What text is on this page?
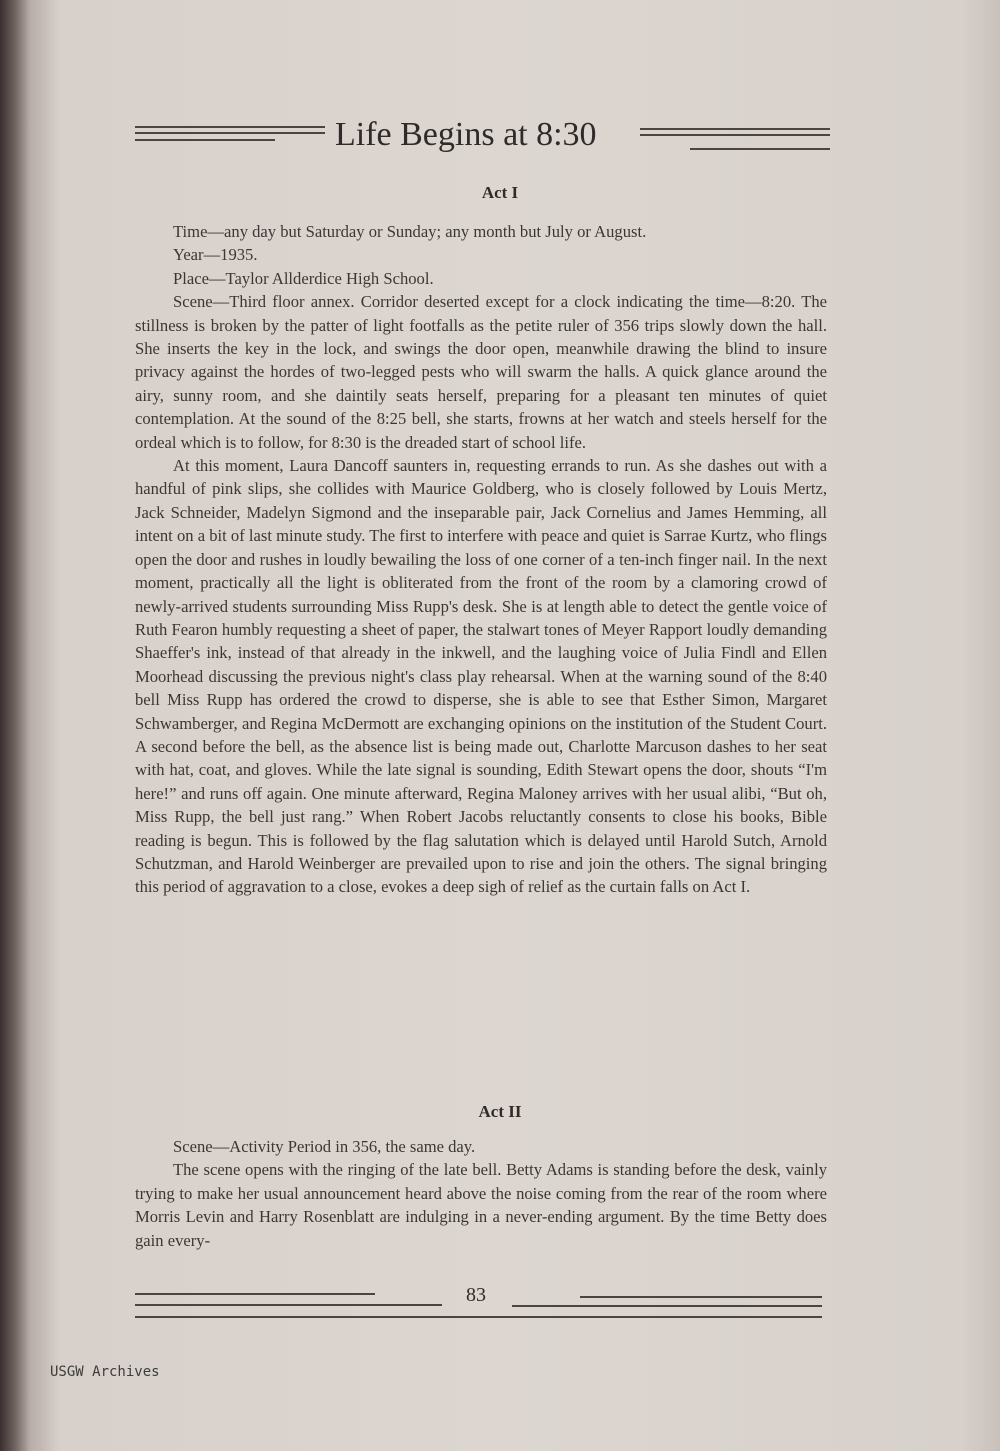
Life Begins at 8:30
Act I

Time—any day but Saturday or Sunday; any month but July or August.

Year—1935.

Place—Taylor Allderdice High School.

Scene—Third floor annex. Corridor deserted except for a clock indicating the time—8:20. The stillness is broken by the patter of light footfalls as the petite ruler of 356 trips slowly down the hall. She inserts the key in the lock, and swings the door open, meanwhile drawing the blind to insure privacy against the hordes of two-legged pests who will swarm the halls. A quick glance around the airy, sunny room, and she daintily seats herself, preparing for a pleasant ten minutes of quiet contemplation. At the sound of the 8:25 bell, she starts, frowns at her watch and steels herself for the ordeal which is to follow, for 8:30 is the dreaded start of school life.

At this moment, Laura Dancoff saunters in, requesting errands to run. As she dashes out with a handful of pink slips, she collides with Maurice Goldberg, who is closely followed by Louis Mertz, Jack Schneider, Madelyn Sigmond and the inseparable pair, Jack Cornelius and James Hemming, all intent on a bit of last minute study. The first to interfere with peace and quiet is Sarrae Kurtz, who flings open the door and rushes in loudly bewailing the loss of one corner of a ten-inch finger nail. In the next moment, practically all the light is obliterated from the front of the room by a clamoring crowd of newly-arrived students surrounding Miss Rupp's desk. She is at length able to detect the gentle voice of Ruth Fearon humbly requesting a sheet of paper, the stalwart tones of Meyer Rapport loudly demanding Shaeffer's ink, instead of that already in the inkwell, and the laughing voice of Julia Findl and Ellen Moorhead discussing the previous night's class play rehearsal. When at the warning sound of the 8:40 bell Miss Rupp has ordered the crowd to disperse, she is able to see that Esther Simon, Margaret Schwamberger, and Regina McDermott are exchanging opinions on the institution of the Student Court. A second before the bell, as the absence list is being made out, Charlotte Marcuson dashes to her seat with hat, coat, and gloves. While the late signal is sounding, Edith Stewart opens the door, shouts “I'm here!” and runs off again. One minute afterward, Regina Maloney arrives with her usual alibi, “But oh, Miss Rupp, the bell just rang.” When Robert Jacobs reluctantly consents to close his books, Bible reading is begun. This is followed by the flag salutation which is delayed until Harold Sutch, Arnold Schutzman, and Harold Weinberger are prevailed upon to rise and join the others. The signal bringing this period of aggravation to a close, evokes a deep sigh of relief as the curtain falls on Act I.

Act II

Scene—Activity Period in 356, the same day.

The scene opens with the ringing of the late bell. Betty Adams is standing before the desk, vainly trying to make her usual announcement heard above the noise coming from the rear of the room where Morris Levin and Harry Rosenblatt are indulging in a never-ending argument. By the time Betty does gain every-

83
USGW Archives
